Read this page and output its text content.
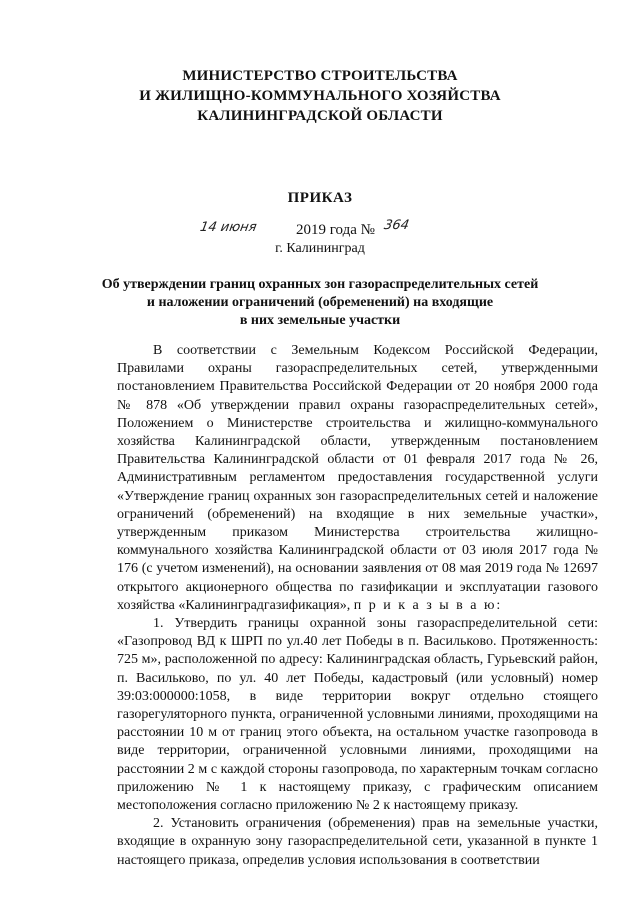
МИНИСТЕРСТВО СТРОИТЕЛЬСТВА
И ЖИЛИЩНО-КОММУНАЛЬНОГО ХОЗЯЙСТВА
КАЛИНИНГРАДСКОЙ ОБЛАСТИ
ПРИКАЗ
14 июня	2019 года № 364
г. Калининград
Об утверждении границ охранных зон газораспределительных сетей
и наложении ограничений (обременений) на входящие
в них земельные участки

В соответствии с Земельным Кодексом Российской Федерации, Правилами охраны газораспределительных сетей, утвержденными постановлением Правительства Российской Федерации от 20 ноября 2000 года № 878 «Об утверждении правил охраны газораспределительных сетей», Положением о Министерстве строительства и жилищно-коммунального хозяйства Калининградской области, утвержденным постановлением Правительства Калининградской области от 01 февраля 2017 года № 26, Административным регламентом предоставления государственной услуги «Утверждение границ охранных зон газораспределительных сетей и наложение ограничений (обременений) на входящие в них земельные участки», утвержденным приказом Министерства строительства жилищно-коммунального хозяйства Калининградской области от 03 июля 2017 года № 176 (с учетом изменений), на основании заявления от 08 мая 2019 года № 12697 открытого акционерного общества по газификации и эксплуатации газового хозяйства «Калининградгазификация», п р и к а з ы в а ю:

1. Утвердить границы охранной зоны газораспределительной сети: «Газопровод ВД к ШРП по ул.40 лет Победы в п. Васильково. Протяженность: 725 м», расположенной по адресу: Калининградская область, Гурьевский район, п. Васильково, по ул. 40 лет Победы, кадастровый (или условный) номер 39:03:000000:1058, в виде территории вокруг отдельно стоящего газорегуляторного пункта, ограниченной условными линиями, проходящими на расстоянии 10 м от границ этого объекта, на остальном участке газопровода в виде территории, ограниченной условными линиями, проходящими на расстоянии 2 м с каждой стороны газопровода, по характерным точкам согласно приложению № 1 к настоящему приказу, с графическим описанием местоположения согласно приложению № 2 к настоящему приказу.

2. Установить ограничения (обременения) прав на земельные участки, входящие в охранную зону газораспределительной сети, указанной в пункте 1 настоящего приказа, определив условия использования в соответствии
